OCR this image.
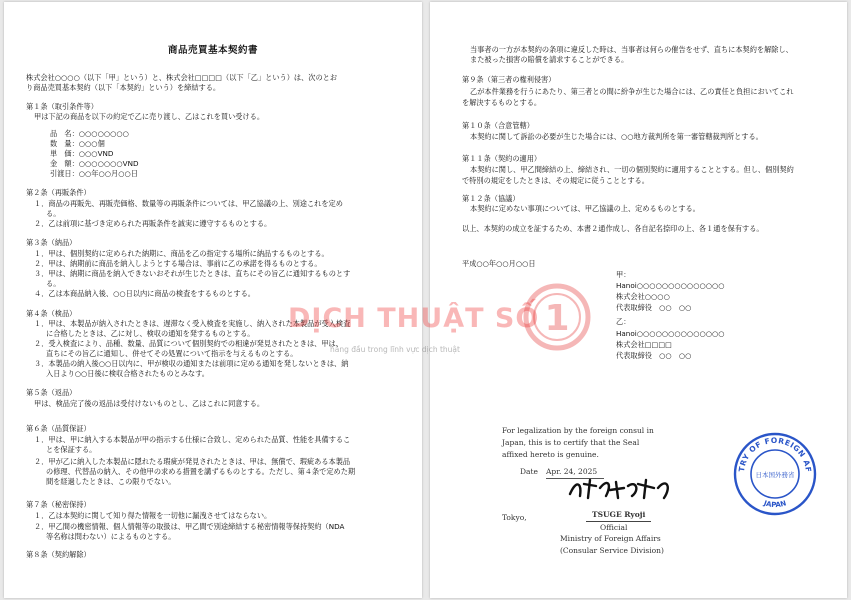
商品売買基本契約書
株式会社○○○○（以下「甲」という）と、株式会社□□□□（以下「乙」という）は、次のとお
り商品売買基本契約（以下「本契約」という）を締結する。
第１条（取引条件等）
甲は下記の商品を以下の約定で乙に売り渡し、乙はこれを買い受ける。
品　名：○○○○○○○○
数　量：○○○個
単　価：○○○VND
金　額：○○○○○○○VND
引渡日：○○年○○月○○日
第２条（再販条件）
１．商品の再販先、再販売価格、数量等の再販条件については、甲乙協議の上、別途これを定め
る。
２．乙は前項に基づき定められた再販条件を誠実に遵守するものとする。
第３条（納品）
１．甲は、個別契約に定められた納期に、商品を乙の指定する場所に納品するものとする。
２．甲は、納期前に商品を納入しようとする場合は、事前に乙の承諾を得るものとする。
３．甲は、納期に商品を納入できないおそれが生じたときは、直ちにその旨乙に通知するものとす
る。
４．乙は本商品納入後、○○日以内に商品の検査をするものとする。
第４条（検品）
１．甲は、本製品が納入されたときは、遅滞なく受入検査を実施し、納入された本製品が受入検査
に合格したときは、乙に対し、検収の通知を発するものとする。
２．受入検査により、品種、数量、品質について個別契約での相違が発見されたときは、甲は、
直ちにその旨乙に通知し、併せてその処置について指示を与えるものとする。
３．本製品の納入後○○日以内に、甲が検収の通知または前項に定める通知を発しないときは、納
入日より○○日後に検収合格されたものとみなす。
第５条（返品）
甲は、検品完了後の返品は受付けないものとし、乙はこれに同意する。
第６条（品質保証）
１．甲は、甲に納入する本製品が甲の指示する仕様に合致し、定められた品質、性能を具備するこ
とを保証する。
２．甲が乙に納入した本製品に隠れたる瑕疵が発見されたときは、甲は、無償で、瑕疵ある本製品
の修理、代替品の納入、その他甲の求める措置を講ずるものとする。ただし、第４条で定めた期
間を経過したときは、この限りでない。
第７条（秘密保持）
１．乙は本契約に関して知り得た情報を一切他に漏洩させてはならない。
２．甲乙間の機密情報、個人情報等の取扱は、甲乙間で別途締結する秘密情報等保持契約（NDA
等名称は問わない）によるものとする。
第８条（契約解除）
当事者の一方が本契約の条項に違反した時は、当事者は何らの催告をせず、直ちに本契約を解除し、
また被った損害の賠償を請求することができる。
第９条（第三者の権利侵害）
乙が本件業務を行うにあたり、第三者との間に紛争が生じた場合には、乙の責任と負担においてこれ
を解決するものとする。
第１０条（合意管轄）
本契約に関して訴訟の必要が生じた場合には、○○地方裁判所を第一審管轄裁判所とする。
第１１条（契約の適用）
本契約に関し、甲乙間締結の上、締結され、一切の個別契約に適用することとする。但し、個別契約
で特別の規定をしたときは、その規定に従うこととする。
第１２条（協議）
本契約に定めない事項については、甲乙協議の上、定めるものとする。
以上、本契約の成立を証するため、本書２通作成し、各自記名捺印の上、各１通を保有する。
平成○○年○○月○○日
甲：
Hanoi○○○○○○○○○○○○○○
株式会社○○○○
代表取締役　○○　○○
乙：
Hanoi○○○○○○○○○○○○○○
株式会社□□□□
代表取締役　○○　○○
For legalization by the foreign consul in
Japan, this is to certify that the Seal
affixed hereto is genuine.
Date Apr. 24, 2025
Tokyo,	TSUGE Ryoji
Official
Ministry of Foreign Affairs
(Consular Service Division)
TRY OF FOREIGN AF
JAPAN
日本国外務省
DỊCH THUẬT SỐ
hàng đầu trong lĩnh vực dịch thuật
1
